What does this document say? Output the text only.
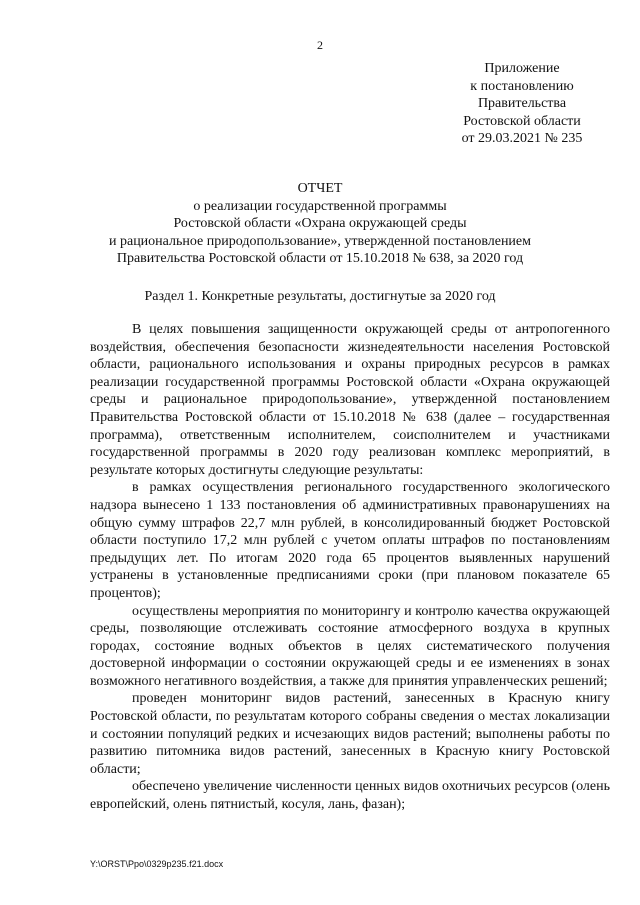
2
Приложение
к постановлению
Правительства
Ростовской области
от 29.03.2021 № 235
ОТЧЕТ
о реализации государственной программы
Ростовской области «Охрана окружающей среды
и рациональное природопользование», утвержденной постановлением
Правительства Ростовской области от 15.10.2018 № 638, за 2020 год
Раздел 1. Конкретные результаты, достигнутые за 2020 год

В целях повышения защищенности окружающей среды от антропогенного воздействия, обеспечения безопасности жизнедеятельности населения Ростовской области, рационального использования и охраны природных ресурсов в рамках реализации государственной программы Ростовской области «Охрана окружающей среды и рациональное природопользование», утвержденной постановлением Правительства Ростовской области от 15.10.2018 № 638 (далее – государственная программа), ответственным исполнителем, соисполнителем и участниками государственной программы в 2020 году реализован комплекс мероприятий, в результате которых достигнуты следующие результаты:

в рамках осуществления регионального государственного экологического надзора вынесено 1 133 постановления об административных правонарушениях на общую сумму штрафов 22,7 млн рублей, в консолидированный бюджет Ростовской области поступило 17,2 млн рублей с учетом оплаты штрафов по постановлениям предыдущих лет. По итогам 2020 года 65 процентов выявленных нарушений устранены в установленные предписаниями сроки (при плановом показателе 65 процентов);

осуществлены мероприятия по мониторингу и контролю качества окружающей среды, позволяющие отслеживать состояние атмосферного воздуха в крупных городах, состояние водных объектов в целях систематического получения достоверной информации о состоянии окружающей среды и ее изменениях в зонах возможного негативного воздействия, а также для принятия управленческих решений;

проведен мониторинг видов растений, занесенных в Красную книгу Ростовской области, по результатам которого собраны сведения о местах локализации и состоянии популяций редких и исчезающих видов растений; выполнены работы по развитию питомника видов растений, занесенных в Красную книгу Ростовской области;

обеспечено увеличение численности ценных видов охотничьих ресурсов (олень европейский, олень пятнистый, косуля, лань, фазан);

Y:\ORST\Ppo\0329p235.f21.docx
